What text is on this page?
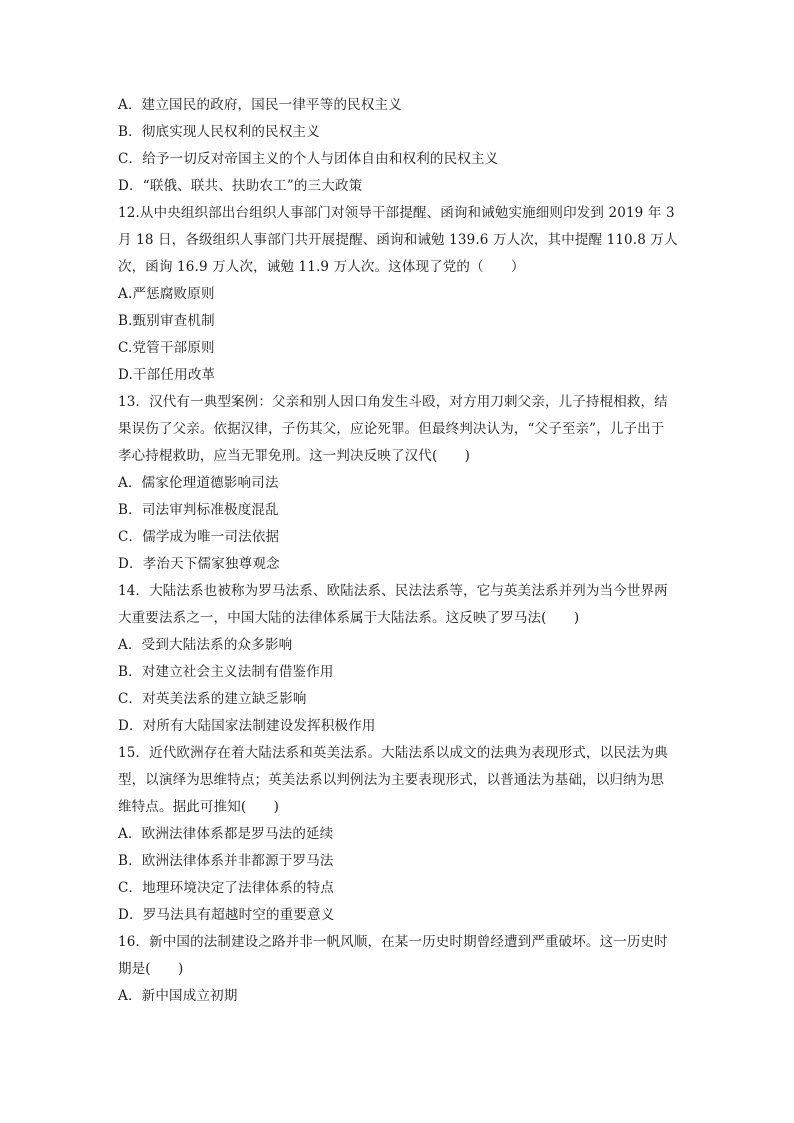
A．建立国民的政府，国民一律平等的民权主义
B．彻底实现人民权利的民权主义
C．给予一切反对帝国主义的个人与团体自由和权利的民权主义
D．“联俄、联共、扶助农工”的三大政策
12.从中央组织部出台组织人事部门对领导干部提醒、函询和诫勉实施细则印发到 2019 年 3
月 18 日，各级组织人事部门共开展提醒、函询和诫勉 139.6 万人次，其中提醒 110.8 万人
次，函询 16.9 万人次，诫勉 11.9 万人次。这体现了党的（　　）
A.严惩腐败原则
B.甄别审查机制
C.党管干部原则
D.干部任用改革
13．汉代有一典型案例：父亲和别人因口角发生斗殴，对方用刀刺父亲，儿子持棍相救，结
果误伤了父亲。依据汉律，子伤其父，应论死罪。但最终判决认为，“父子至亲”，儿子出于
孝心持棍救助，应当无罪免刑。这一判决反映了汉代(　　)
A．儒家伦理道德影响司法
B．司法审判标准极度混乱
C．儒学成为唯一司法依据
D．孝治天下儒家独尊观念
14．大陆法系也被称为罗马法系、欧陆法系、民法法系等，它与英美法系并列为当今世界两
大重要法系之一，中国大陆的法律体系属于大陆法系。这反映了罗马法(　　)
A．受到大陆法系的众多影响
B．对建立社会主义法制有借鉴作用
C．对英美法系的建立缺乏影响
D．对所有大陆国家法制建设发挥积极作用
15．近代欧洲存在着大陆法系和英美法系。大陆法系以成文的法典为表现形式，以民法为典
型，以演绎为思维特点；英美法系以判例法为主要表现形式，以普通法为基础，以归纳为思
维特点。据此可推知(　　)
A．欧洲法律体系都是罗马法的延续
B．欧洲法律体系并非都源于罗马法
C．地理环境决定了法律体系的特点
D．罗马法具有超越时空的重要意义
16．新中国的法制建设之路并非一帆风顺，在某一历史时期曾经遭到严重破坏。这一历史时
期是(　　)
A．新中国成立初期
